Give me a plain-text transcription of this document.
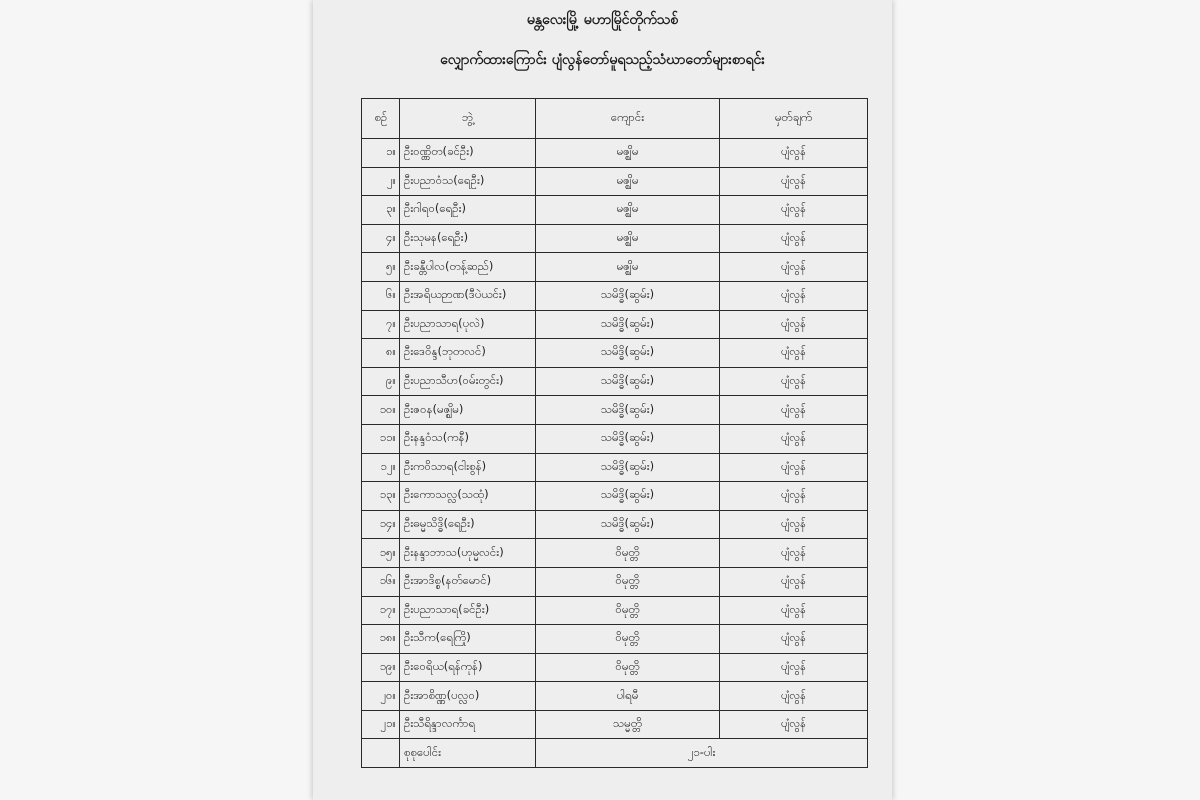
မန္တလေးမြို့ မဟာမြိုင်တိုက်သစ်
လျှောက်ထားကြောင်း ပျံလွန်တော်မူရသည့်သံဃာတော်များစာရင်း
စဉ်	ဘွဲ့	ကျောင်း	မှတ်ချက်
၁။	ဦးဝဏ္ဏိတ(ခင်ဦး)	မဇ္ဈိမ	ပျံလွန်
၂။	ဦးပညာဝံသ(ရေဦး)	မဇ္ဈိမ	ပျံလွန်
၃။	ဦးဂါရဝ(ရေဦး)	မဇ္ဈိမ	ပျံလွန်
၄။	ဦးသုမန(ရေဦး)	မဇ္ဈိမ	ပျံလွန်
၅။	ဦးခန္တီပါလ(တန့်ဆည်)	မဇ္ဈိမ	ပျံလွန်
၆။	ဦးအရိယဉာဏ(ဒီပဲယင်း)	သမိဒ္ဓိ(ဆွမ်း)	ပျံလွန်
၇။	ဦးပညာသာရ(ပုလဲ)	သမိဒ္ဓိ(ဆွမ်း)	ပျံလွန်
၈။	ဦးဒေဝိန္ဒ(ဘုတလင်)	သမိဒ္ဓိ(ဆွမ်း)	ပျံလွန်
၉။	ဦးပညာသီဟ(ဝမ်းတွင်း)	သမိဒ္ဓိ(ဆွမ်း)	ပျံလွန်
၁၀။	ဦးဇဝန(မဇ္ဈိမ)	သမိဒ္ဓိ(ဆွမ်း)	ပျံလွန်
၁၁။	ဦးနန္ဒဝံသ(ကနီ)	သမိဒ္ဓိ(ဆွမ်း)	ပျံလွန်
၁၂။	ဦးကဝိသာရ(ငါးစွန်)	သမိဒ္ဓိ(ဆွမ်း)	ပျံလွန်
၁၃။	ဦးကောသလ္လ(သထုံ)	သမိဒ္ဓိ(ဆွမ်း)	ပျံလွန်
၁၄။	ဦးဓမ္မသိဒ္ဓိ(ရေဦး)	သမိဒ္ဓိ(ဆွမ်း)	ပျံလွန်
၁၅။	ဦးနန္ဒာဘာသ(ဟုမ္မလင်း)	ဝိမုတ္တိ	ပျံလွန်
၁၆။	ဦးအာဒိစ္စ(နတ်မောင်)	ဝိမုတ္တိ	ပျံလွန်
၁၇။	ဦးပညာသာရ(ခင်ဦး)	ဝိမုတ္တိ	ပျံလွန်
၁၈။	ဦးသီက(ရေကြို)	ဝိမုတ္တိ	ပျံလွန်
၁၉။	ဦးဝေရိယ(ရန်ကုန်)	ဝိမုတ္တိ	ပျံလွန်
၂၀။	ဦးအာစိဏ္ဏ(ပလ္လဝ)	ပါရမီ	ပျံလွန်
၂၁။	ဦးသီရိန္ဒာလင်္ကာရ	သမ္မတ္တိ	ပျံလွန်
	စုစုပေါင်း	၂၁-ပါး	
